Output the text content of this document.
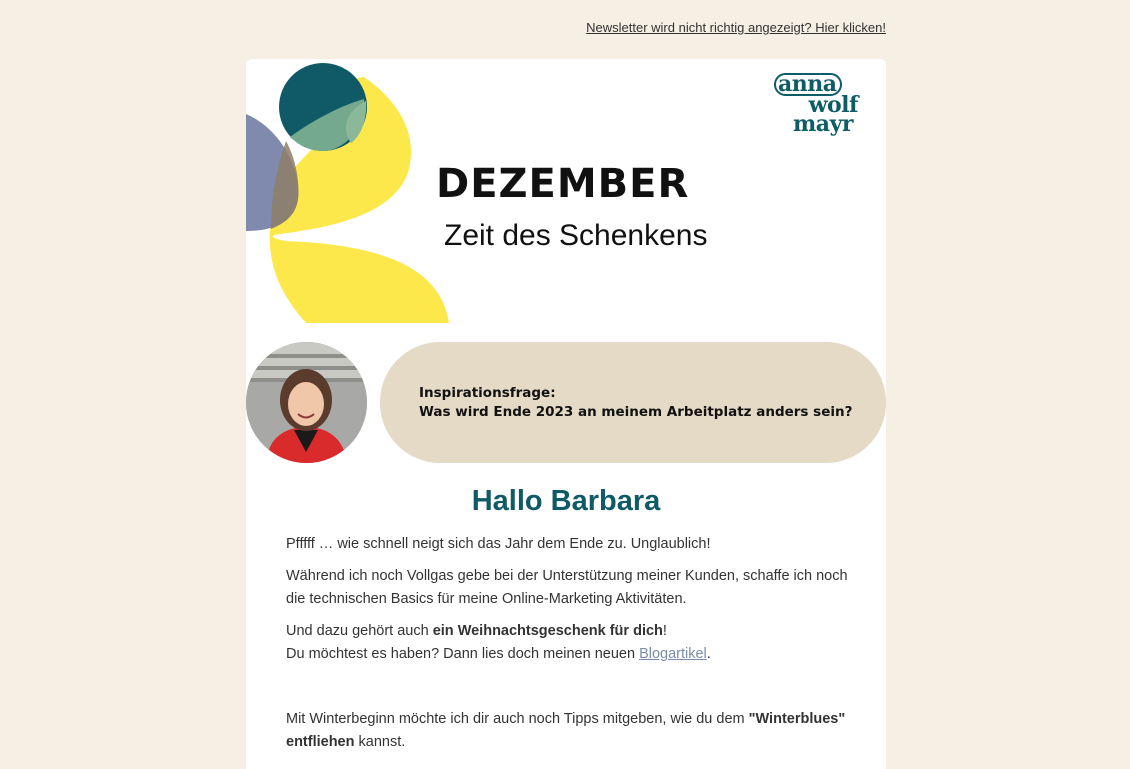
Newsletter wird nicht richtig angezeigt? Hier klicken!
anna
wolf
mayr
DEZEMBER
Zeit des Schenkens
Inspirationsfrage:
Was wird Ende 2023 an meinem Arbeitplatz anders sein?
Hallo Barbara

Pfffff … wie schnell neigt sich das Jahr dem Ende zu. Unglaublich!

Während ich noch Vollgas gebe bei der Unterstützung meiner Kunden, schaffe ich noch die technischen Basics für meine Online-Marketing Aktivitäten.

Und dazu gehört auch ein Weihnachtsgeschenk für dich!
Du möchtest es haben? Dann lies doch meinen neuen Blogartikel.

Mit Winterbeginn möchte ich dir auch noch Tipps mitgeben, wie du dem "Winterblues" entfliehen kannst.
